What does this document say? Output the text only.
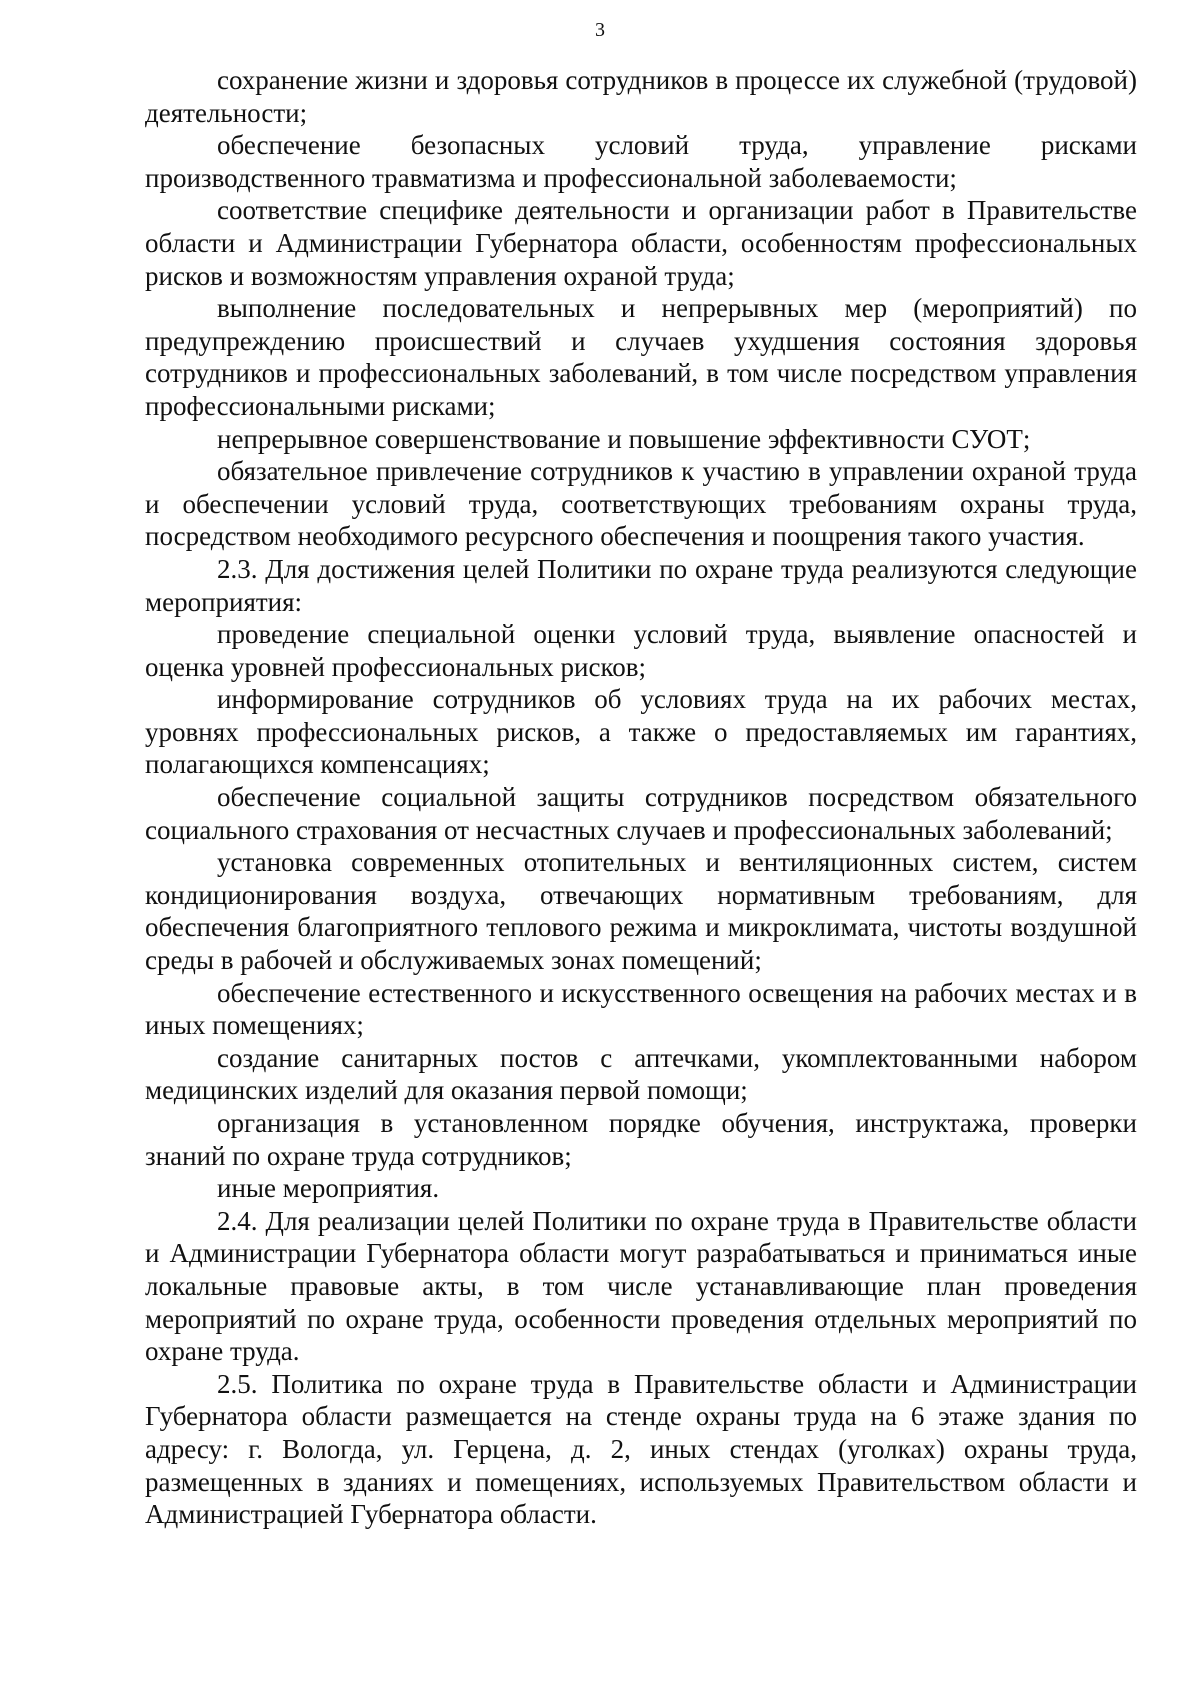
3

сохранение жизни и здоровья сотрудников в процессе их служебной (трудовой) деятельности;

обеспечение безопасных условий труда, управление рисками производственного травматизма и профессиональной заболеваемости;

соответствие специфике деятельности и организации работ в Правительстве области и Администрации Губернатора области, особенностям профессиональных рисков и возможностям управления охраной труда;

выполнение последовательных и непрерывных мер (мероприятий) по предупреждению происшествий и случаев ухудшения состояния здоровья сотрудников и профессиональных заболеваний, в том числе посредством управления профессиональными рисками;

непрерывное совершенствование и повышение эффективности СУОТ;

обязательное привлечение сотрудников к участию в управлении охраной труда и обеспечении условий труда, соответствующих требованиям охраны труда, посредством необходимого ресурсного обеспечения и поощрения такого участия.

2.3. Для достижения целей Политики по охране труда реализуются следующие мероприятия:

проведение специальной оценки условий труда, выявление опасностей и оценка уровней профессиональных рисков;

информирование сотрудников об условиях труда на их рабочих местах, уровнях профессиональных рисков, а также о предоставляемых им гарантиях, полагающихся компенсациях;

обеспечение социальной защиты сотрудников посредством обязательного социального страхования от несчастных случаев и профессиональных заболеваний;

установка современных отопительных и вентиляционных систем, систем кондиционирования воздуха, отвечающих нормативным требованиям, для обеспечения благоприятного теплового режима и микроклимата, чистоты воздушной среды в рабочей и обслуживаемых зонах помещений;

обеспечение естественного и искусственного освещения на рабочих местах и в иных помещениях;

создание санитарных постов с аптечками, укомплектованными набором медицинских изделий для оказания первой помощи;

организация в установленном порядке обучения, инструктажа, проверки знаний по охране труда сотрудников;

иные мероприятия.

2.4. Для реализации целей Политики по охране труда в Правительстве области и Администрации Губернатора области могут разрабатываться и приниматься иные локальные правовые акты, в том числе устанавливающие план проведения мероприятий по охране труда, особенности проведения отдельных мероприятий по охране труда.

2.5. Политика по охране труда в Правительстве области и Администрации Губернатора области размещается на стенде охраны труда на 6 этаже здания по адресу: г. Вологда, ул. Герцена, д. 2, иных стендах (уголках) охраны труда, размещенных в зданиях и помещениях, используемых Правительством области и Администрацией Губернатора области.
